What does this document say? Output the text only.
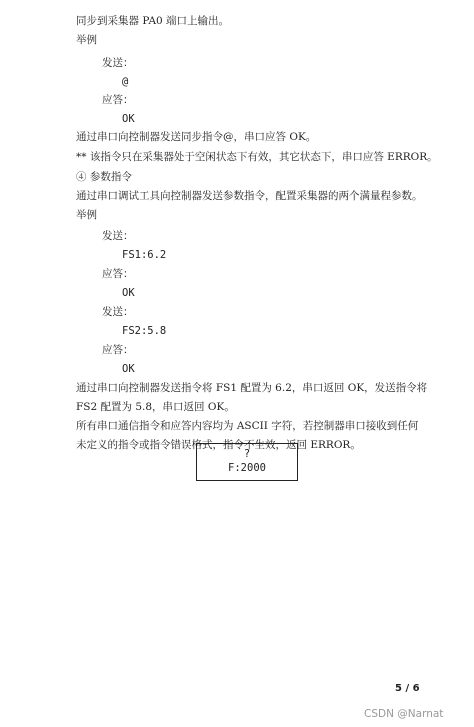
同步到采集器 PA0 端口上输出。
举例
发送：
@
应答：
OK
通过串口向控制器发送同步指令@，串口应答 OK。
** 该指令只在采集器处于空闲状态下有效，其它状态下，串口应答 ERROR。
④ 参数指令
通过串口调试工具向控制器发送参数指令，配置采集器的两个满量程参数。
举例
发送：
FS1:6.2
应答：
OK
发送：
FS2:5.8
应答：
OK
通过串口向控制器发送指令将 FS1 配置为 6.2，串口返回 OK，发送指令将
FS2 配置为 5.8，串口返回 OK。
所有串口通信指令和应答内容均为 ASCII 字符，若控制器串口接收到任何
未定义的指令或指令错误格式，指令不生效，返回 ERROR。
?
F:2000
5 / 6
CSDN @Narnat
